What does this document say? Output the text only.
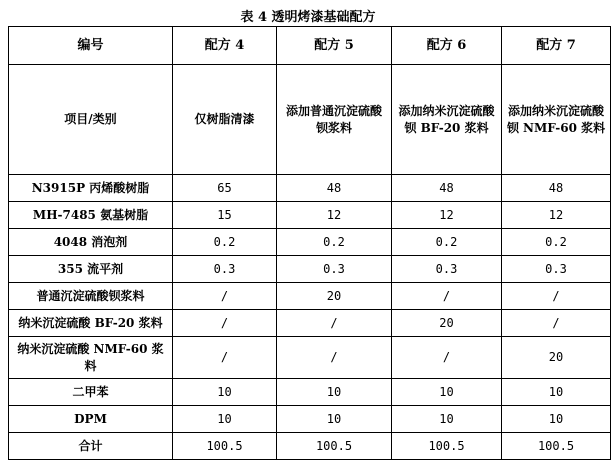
表 4 透明烤漆基础配方
编号	配方 4	配方 5	配方 6	配方 7
项目/类别	仅树脂清漆	添加普通沉淀硫酸钡浆料	添加纳米沉淀硫酸钡 BF-20 浆料	添加纳米沉淀硫酸钡 NMF-60 浆料
N3915P 丙烯酸树脂	65	48	48	48
MH-7485 氨基树脂	15	12	12	12
4048 消泡剂	0.2	0.2	0.2	0.2
355 流平剂	0.3	0.3	0.3	0.3
普通沉淀硫酸钡浆料	/	20	/	/
纳米沉淀硫酸 BF-20 浆料	/	/	20	/
纳米沉淀硫酸 NMF-60 浆料	/	/	/	20
二甲苯	10	10	10	10
DPM	10	10	10	10
合计	100.5	100.5	100.5	100.5
